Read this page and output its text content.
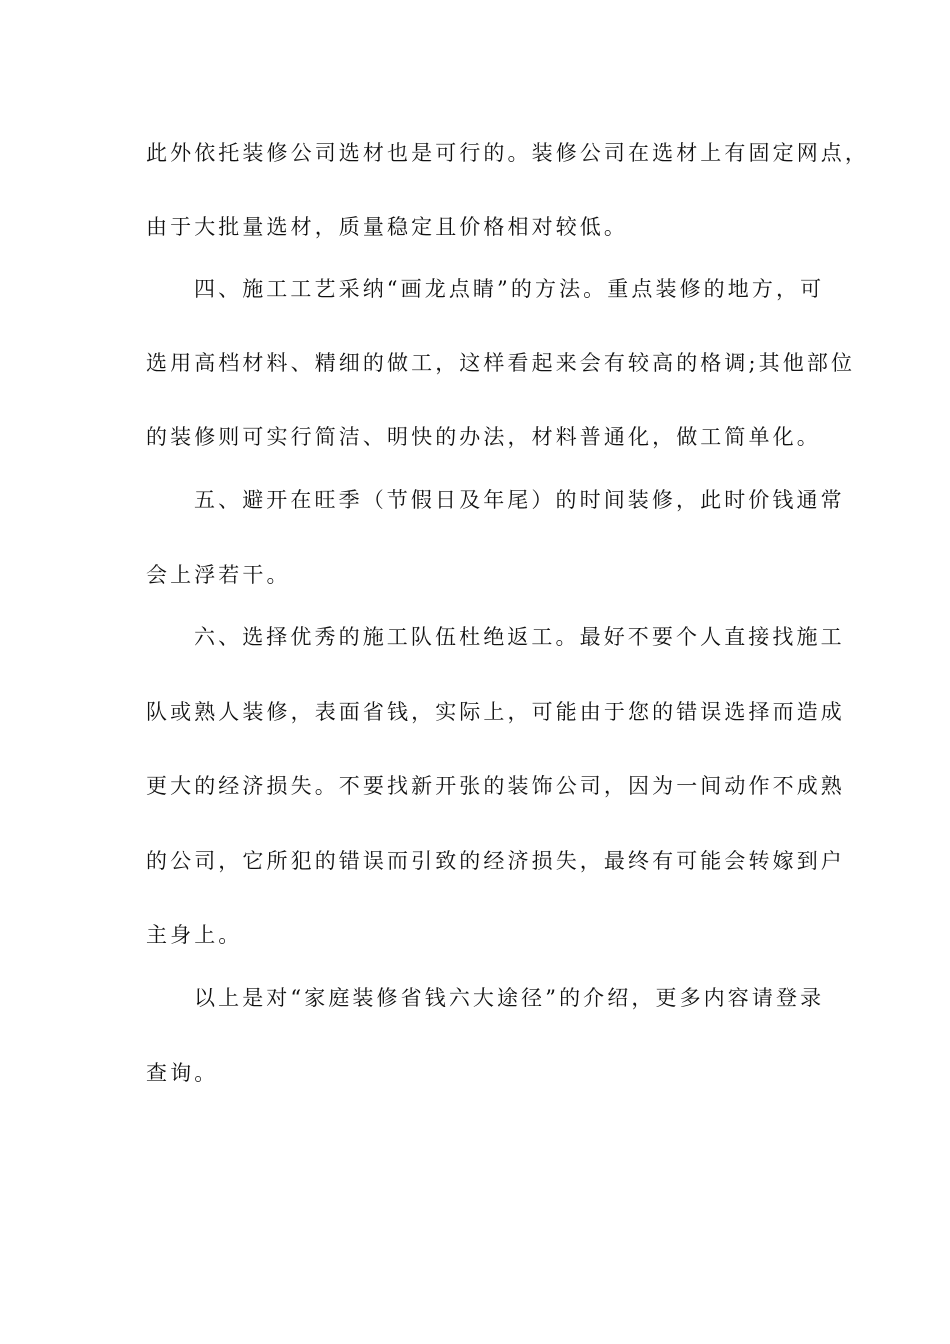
此外依托装修公司选材也是可行的。装修公司在选材上有固定网点，
由于大批量选材，质量稳定且价格相对较低。
四、施工工艺采纳“画龙点睛”的方法。重点装修的地方，可
选用高档材料、精细的做工，这样看起来会有较高的格调;其他部位
的装修则可实行简洁、明快的办法，材料普通化，做工简单化。
五、避开在旺季（节假日及年尾）的时间装修，此时价钱通常
会上浮若干。
六、选择优秀的施工队伍杜绝返工。最好不要个人直接找施工
队或熟人装修，表面省钱，实际上，可能由于您的错误选择而造成
更大的经济损失。不要找新开张的装饰公司，因为一间动作不成熟
的公司，它所犯的错误而引致的经济损失，最终有可能会转嫁到户
主身上。
以上是对“家庭装修省钱六大途径”的介绍，更多内容请登录
查询。
